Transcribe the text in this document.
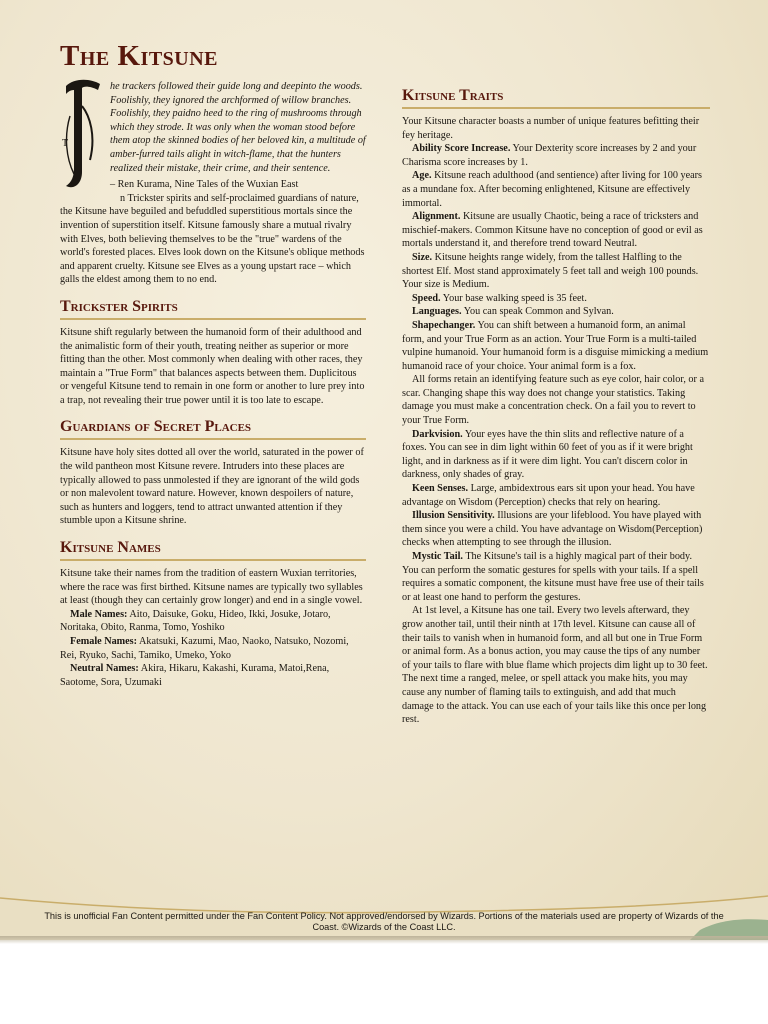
The Kitsune
T

he trackers followed their guide long and deepinto the woods. Foolishly, they ignored the archformed of willow branches. Foolishly, they paidno heed to the ring of mushrooms through which they strode. It was only when the woman stood before them atop the skinned bodies of her beloved kin, a multitude of amber-furred tails alight in witch-flame, that the hunters realized their mistake, their crime, and their sentence.

– Ren Kurama, Nine Tales of the Wuxian East

n Trickster spirits and self-proclaimed guardians of nature, the Kitsune have beguiled and befuddled superstitious mortals since the invention of superstition itself. Kitsune famously share a mutual rivalry with Elves, both believing themselves to be the "true" wardens of the world's forested places. Elves look down on the Kitsune's oblique methods and apparent cruelty. Kitsune see Elves as a young upstart race – which galls the eldest among them to no end.

Trickster Spirits

Kitsune shift regularly between the humanoid form of their adulthood and the animalistic form of their youth, treating neither as superior or more fitting than the other. Most commonly when dealing with other races, they maintain a "True Form" that balances aspects between them. Duplicitous or vengeful Kitsune tend to remain in one form or another to lure prey into a trap, not revealing their true power until it is too late to escape.

Guardians of Secret Places

Kitsune have holy sites dotted all over the world, saturated in the power of the wild pantheon most Kitsune revere. Intruders into these places are typically allowed to pass unmolested if they are ignorant of the wild gods or non malevolent toward nature. However, known despoilers of nature, such as hunters and loggers, tend to attract unwanted attention if they stumble upon a Kitsune shrine.

Kitsune Names

Kitsune take their names from the tradition of eastern Wuxian territories, where the race was first birthed. Kitsune names are typically two syllables at least (though they can certainly grow longer) and end in a single vowel.

Male Names: Aito, Daisuke, Goku, Hideo, Ikki, Josuke, Jotaro, Noritaka, Obito, Ranma, Tomo, Yoshiko

Female Names: Akatsuki, Kazumi, Mao, Naoko, Natsuko, Nozomi, Rei, Ryuko, Sachi, Tamiko, Umeko, Yoko

Neutral Names: Akira, Hikaru, Kakashi, Kurama, Matoi,Rena, Saotome, Sora, Uzumaki

Kitsune Traits

Your Kitsune character boasts a number of unique features befitting their fey heritage.

Ability Score Increase. Your Dexterity score increases by 2 and your Charisma score increases by 1.

Age. Kitsune reach adulthood (and sentience) after living for 100 years as a mundane fox. After becoming enlightened, Kitsune are effectively immortal.

Alignment. Kitsune are usually Chaotic, being a race of tricksters and mischief-makers. Common Kitsune have no conception of good or evil as mortals understand it, and therefore trend toward Neutral.

Size. Kitsune heights range widely, from the tallest Halfling to the shortest Elf. Most stand approximately 5 feet tall and weigh 100 pounds. Your size is Medium.

Speed. Your base walking speed is 35 feet.

Languages. You can speak Common and Sylvan.

Shapechanger. You can shift between a humanoid form, an animal form, and your True Form as an action. Your True Form is a multi-tailed vulpine humanoid. Your humanoid form is a disguise mimicking a medium humanoid race of your choice. Your animal form is a fox.

All forms retain an identifying feature such as eye color, hair color, or a scar. Changing shape this way does not change your statistics. Taking damage you must make a concentration check. On a fail you to revert to your True Form.

Darkvision. Your eyes have the thin slits and reflective nature of a foxes. You can see in dim light within 60 feet of you as if it were bright light, and in darkness as if it were dim light. You can't discern color in darkness, only shades of gray.

Keen Senses. Large, ambidextrous ears sit upon your head. You have advantage on Wisdom (Perception) checks that rely on hearing.

Illusion Sensitivity. Illusions are your lifeblood. You have played with them since you were a child. You have advantage on Wisdom(Perception) checks when attempting to see through the illusion.

Mystic Tail. The Kitsune's tail is a highly magical part of their body. You can perform the somatic gestures for spells with your tails. If a spell requires a somatic component, the kitsune must have free use of their tails or at least one hand to perform the gestures.

At 1st level, a Kitsune has one tail. Every two levels afterward, they grow another tail, until their ninth at 17th level. Kitsune can cause all of their tails to vanish when in humanoid form, and all but one in True Form or animal form. As a bonus action, you may cause the tips of any number of your tails to flare with blue flame which projects dim light up to 30 feet. The next time a ranged, melee, or spell attack you make hits, you may cause any number of flaming tails to extinguish, and add that much damage to the attack. You can use each of your tails like this once per long rest.

This is unofficial Fan Content permitted under the Fan Content Policy. Not approved/endorsed by Wizards. Portions of the materials used are property of Wizards of the Coast. ©Wizards of the Coast LLC.
